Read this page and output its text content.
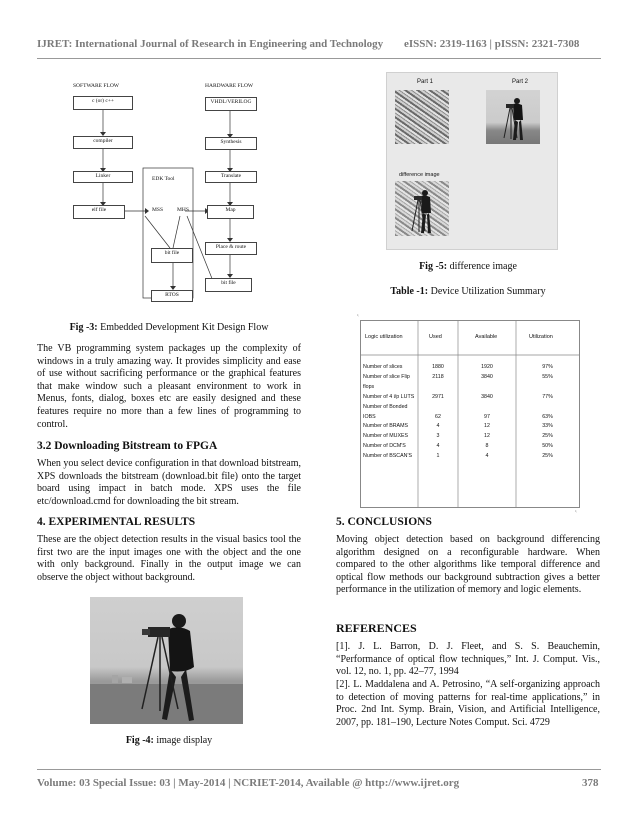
IJRET: International Journal of Research in Engineering and Technology eISSN: 2319-1163 | pISSN: 2321-7308
SOFTWARE FLOW	HARDWARE FLOW
c (or) c++
compiler
Linker
elf file
EDK Tool
MSS	MHS
VHDL/VERILOG
Synthesis
Translate
Map
Place & route
bit file
bit file
RTOS
Fig -3: Embedded Development Kit Design Flow

The VB programming system packages up the complexity of windows in a truly amazing way. It provides simplicity and ease of use without sacrificing performance or the graphical features that make window such a pleasant environment to work in Menus, fonts, dialog, boxes etc are easily designed and these features require no more than a few lines of programming to control.

3.2 Downloading Bitstream to FPGA

When you select device configuration in that download bitstream, XPS downloads the bitstream (download.bit file) onto the target board using impact in batch mode. XPS uses the file etc/download.cmd for downloading the bit stream.

4. EXPERIMENTAL RESULTS

These are the object detection results in the visual basics tool the first two are the input images one with the object and the one with only background. Finally in the output image we can observe the object without background.

Fig -4: image display
Part 1	Part 2
difference image
Fig -5: difference image
Table -1: Device Utilization Summary
ς
ς
Logic utilization	Used	Available	Utilization
Number of slices	1880	1920	97%
Number of slice Flip	2118	3840	55%
flops			
Number of 4 i/p LUTS	2971	3840	77%
Number of Bonded			
IOBS	62	97	63%
Number of BRAMS	4	12	33%
Number of MUXES	3	12	25%
Number of DCM'S	4	8	50%
Number of BSCAN'S	1	4	25%
5. CONCLUSIONS

Moving object detection based on background differencing algorithm designed on a reconfigurable hardware. When compared to the other algorithms like temporal difference and optical flow methods our background subtraction gives a better performance in the utilization of memory and logic elements.

REFERENCES

[1]. J. L. Barron, D. J. Fleet, and S. S. Beauchemin, “Performance of optical flow techniques,” Int. J. Comput. Vis., vol. 12, no. 1, pp. 42–77, 1994

[2]. L. Maddalena and A. Petrosino, “A self-organizing approach to detection of moving patterns for real-time applications,” in Proc. 2nd Int. Symp. Brain, Vision, and Artificial Intelligence, 2007, pp. 181–190, Lecture Notes Comput. Sci. 4729

Volume: 03 Special Issue: 03 | May-2014 | NCRIET-2014, Available @ http://www.ijret.org	378
